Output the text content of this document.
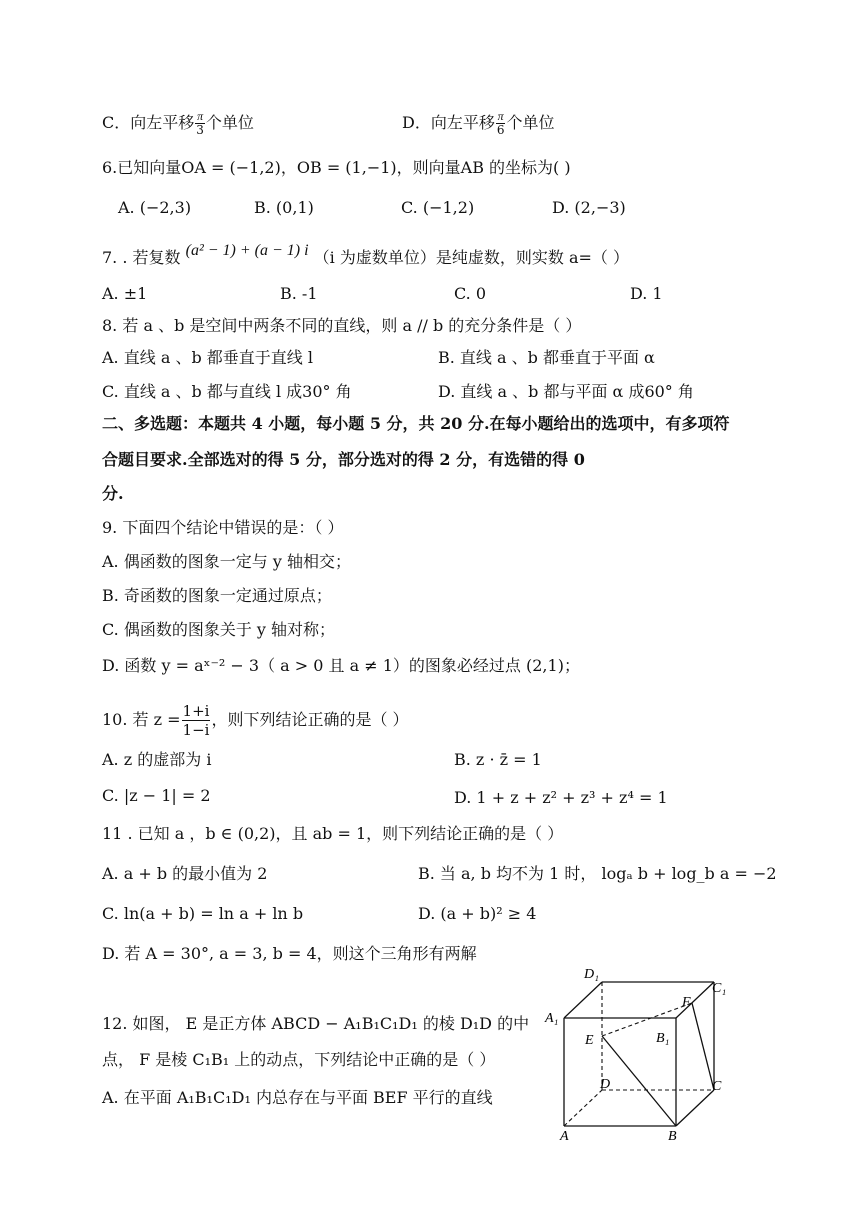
C．向左平移 $\frac{\pi}{3}$ 个单位	D．向左平移 $\frac{\pi}{6}$ 个单位
6.已知向量OA = (−1,2)，OB = (1,−1)，则向量AB 的坐标为( )
A. (−2,3)	B. (0,1)	C. (−1,2)	D. (2,−3)
7. . 若复数 (a² − 1) + (a − 1) i （i 为虚数单位）是纯虚数，则实数 a=（ ）
A. ±1	B. -1	C. 0	D. 1
8. 若 a 、b 是空间中两条不同的直线，则 a // b 的充分条件是（ ）
A. 直线 a 、b 都垂直于直线 l	B. 直线 a 、b 都垂直于平面 α
C. 直线 a 、b 都与直线 l 成30° 角	D. 直线 a 、b 都与平面 α 成60° 角
二、多选题：本题共 4 小题，每小题 5 分，共 20 分.在每小题给出的选项中，有多项符
合题目要求.全部选对的得 5 分，部分选对的得 2 分，有选错的得 0
分.
9. 下面四个结论中错误的是：（ ）
A. 偶函数的图象一定与 y 轴相交；
B. 奇函数的图象一定通过原点；
C. 偶函数的图象关于 y 轴对称；
D. 函数 y = aˣ⁻² − 3（ a > 0 且 a ≠ 1）的图象必经过点 (2,1)；
10. 若 $z = \frac{1+i}{1-i}$ ，则下列结论正确的是（ ）
A. z 的虚部为 i	B. z · z̄ = 1
C. |z − 1| = 2	D. 1 + z + z² + z³ + z⁴ = 1
11 . 已知 a ，b ∈ (0,2)，且 ab = 1，则下列结论正确的是（ ）
A. a + b 的最小值为 2	B. 当 a, b 均不为 1 时， logₐ b + log_b a = −2
C. ln(a + b) = ln a + ln b	D. (a + b)² ≥ 4
D. 若 A = 30°, a = 3, b = 4，则这个三角形有两解
12. 如图， E 是正方体 ABCD − A₁B₁C₁D₁ 的棱 D₁D 的中
点， F 是棱 C₁B₁ 上的动点，下列结论中正确的是（ ）
A. 在平面 A₁B₁C₁D₁ 内总存在与平面 BEF 平行的直线
D₁
C₁
A₁
B₁
E
F
D	C
A	B
